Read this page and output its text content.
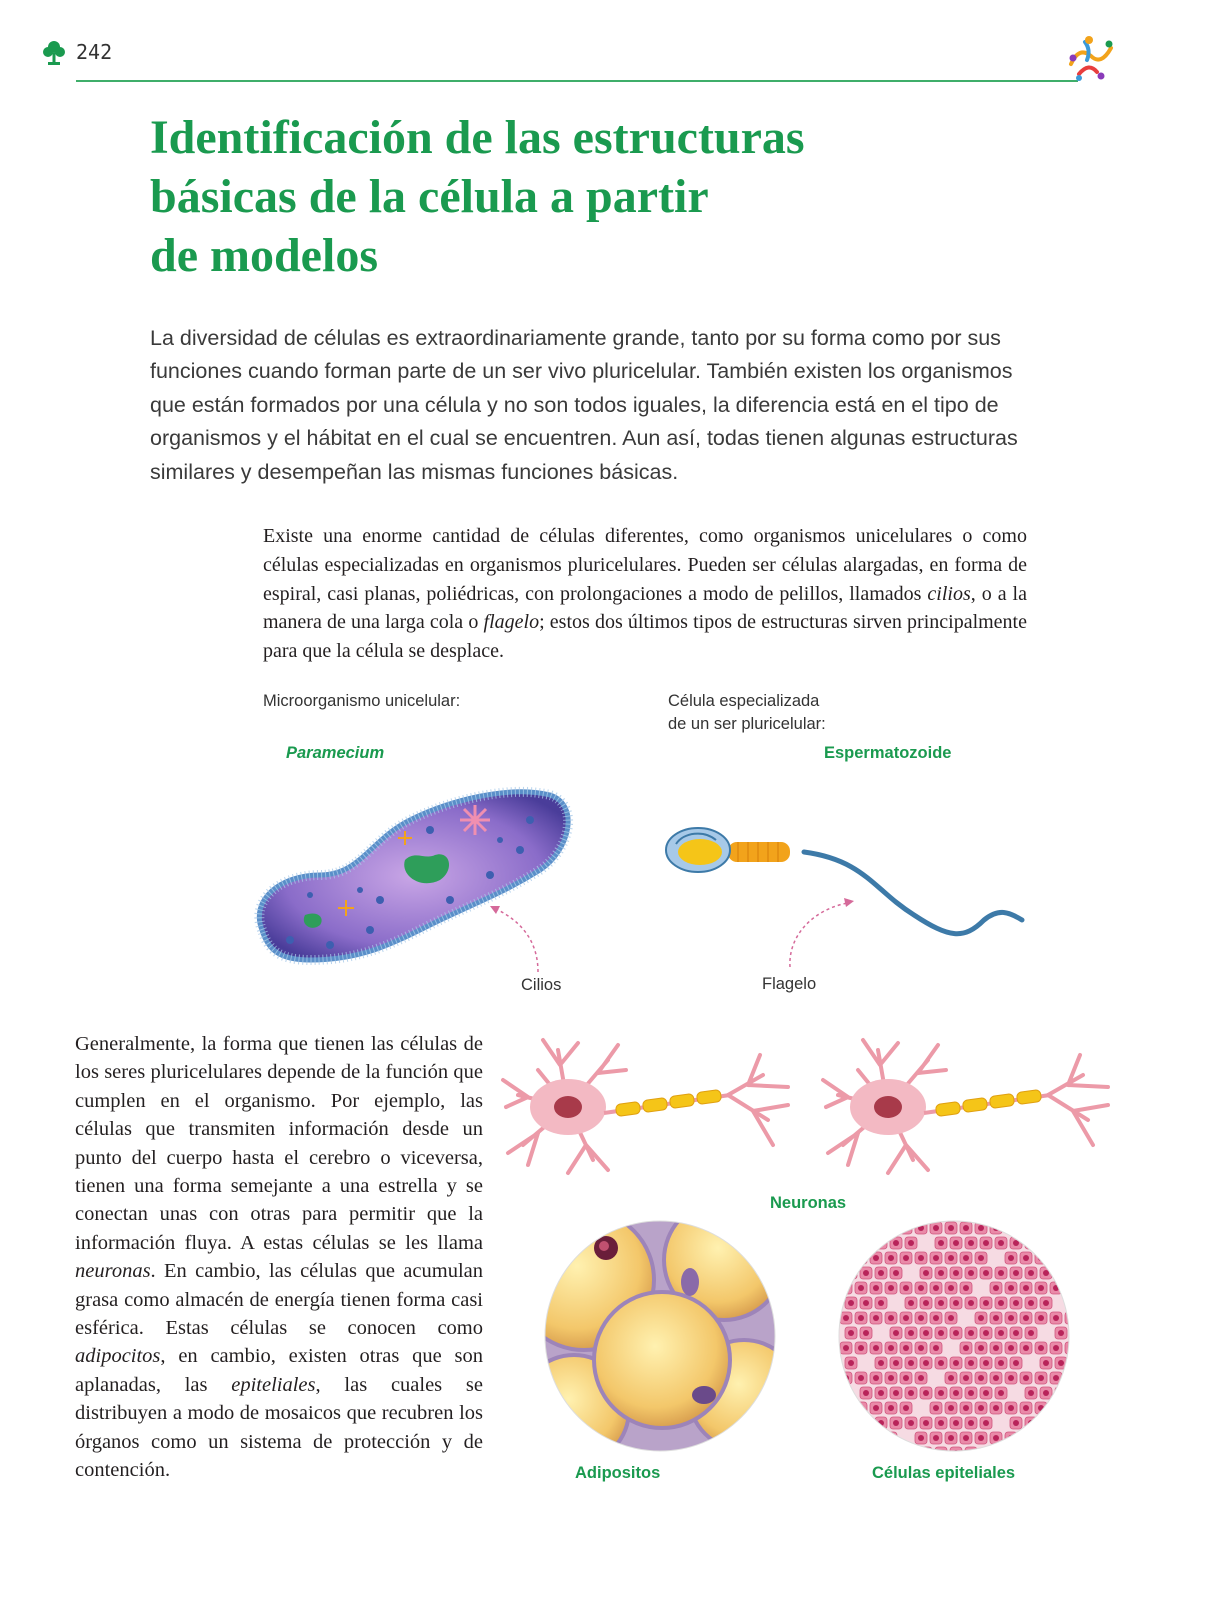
242
Identificación de las estructuras
básicas de la célula a partir
de modelos

La diversidad de células es extraordinariamente grande, tanto por su forma como por sus
funciones cuando forman parte de un ser vivo pluricelular. También existen los organismos
que están formados por una célula y no son todos iguales, la diferencia está en el tipo de
organismos y el hábitat en el cual se encuentren. Aun así, todas tienen algunas estructuras
similares y desempeñan las mismas funciones básicas.

Existe una enorme cantidad de células diferentes, como organismos unicelulares o como células especializadas en organismos pluricelulares. Pueden ser células alargadas, en forma de espiral, casi planas, poliédricas, con prolongaciones a modo de pelillos, llamados cilios, o a la manera de una larga cola o flagelo; estos dos últimos tipos de estructuras sirven principalmente para que la célula se desplace.

Microorganismo unicelular:
Paramecium
Célula especializada
de un ser pluricelular:
Espermatozoide
Cilios	Flagelo

Generalmente, la forma que tienen las células de los seres pluricelulares depende de la función que cumplen en el organismo. Por ejemplo, las células que transmiten información desde un punto del cuerpo hasta el cerebro o viceversa, tienen una forma semejante a una estrella y se conectan unas con otras para permitir que la información fluya. A estas células se les llama neuronas. En cambio, las células que acumulan grasa como almacén de energía tienen forma casi esférica. Estas células se conocen como adipocitos, en cambio, existen otras que son aplanadas, las epiteliales, las cuales se distribuyen a modo de mosaicos que recubren los órganos como un sistema de protección y de contención.

Neuronas
Adipositos	Células epiteliales
